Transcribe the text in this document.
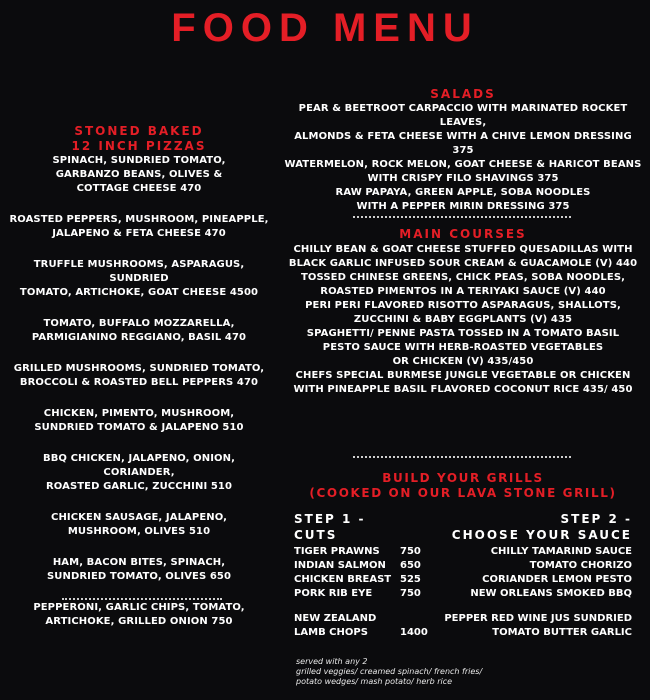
FOOD MENU
STONED BAKED
12 INCH PIZZAS
SPINACH, SUNDRIED TOMATO,
GARBANZO BEANS, OLIVES &
COTTAGE CHEESE 470
ROASTED PEPPERS, MUSHROOM, PINEAPPLE,
JALAPENO & FETA CHEESE 470
TRUFFLE MUSHROOMS, ASPARAGUS, SUNDRIED
TOMATO, ARTICHOKE, GOAT CHEESE 4500
TOMATO, BUFFALO MOZZARELLA,
PARMIGIANINO REGGIANO, BASIL 470
GRILLED MUSHROOMS, SUNDRIED TOMATO,
BROCCOLI & ROASTED BELL PEPPERS 470
CHICKEN, PIMENTO, MUSHROOM,
SUNDRIED TOMATO & JALAPENO 510
BBQ CHICKEN, JALAPENO, ONION, CORIANDER,
ROASTED GARLIC, ZUCCHINI 510
CHICKEN SAUSAGE, JALAPENO,
MUSHROOM, OLIVES 510
HAM, BACON BITES, SPINACH,
SUNDRIED TOMATO, OLIVES 650
PEPPERONI, GARLIC CHIPS, TOMATO,
ARTICHOKE, GRILLED ONION 750
SALADS
PEAR & BEETROOT CARPACCIO WITH MARINATED ROCKET LEAVES,
ALMONDS & FETA CHEESE WITH A CHIVE LEMON DRESSING 375
WATERMELON, ROCK MELON, GOAT CHEESE & HARICOT BEANS
WITH CRISPY FILO SHAVINGS 375
RAW PAPAYA, GREEN APPLE, SOBA NOODLES
WITH A PEPPER MIRIN DRESSING 375
MAIN COURSES
CHILLY BEAN & GOAT CHEESE STUFFED QUESADILLAS WITH
BLACK GARLIC INFUSED SOUR CREAM & GUACAMOLE (V) 440
TOSSED CHINESE GREENS, CHICK PEAS, SOBA NOODLES,
ROASTED PIMENTOS IN A TERIYAKI SAUCE (V) 440
PERI PERI FLAVORED RISOTTO ASPARAGUS, SHALLOTS,
ZUCCHINI & BABY EGGPLANTS (V) 435
SPAGHETTI/ PENNE PASTA TOSSED IN A TOMATO BASIL
PESTO SAUCE WITH HERB-ROASTED VEGETABLES
OR CHICKEN (V) 435/450
CHEFS SPECIAL BURMESE JUNGLE VEGETABLE OR CHICKEN
WITH PINEAPPLE BASIL FLAVORED COCONUT RICE 435/ 450
BUILD YOUR GRILLS
(COOKED ON OUR LAVA STONE GRILL)
STEP 1 -
CUTS
STEP 2 -
CHOOSE YOUR SAUCE
TIGER PRAWNS	750
INDIAN SALMON	650
CHICKEN BREAST 525
PORK RIB EYE	750
NEW ZEALAND
LAMB CHOPS	1400
CHILLY TAMARIND SAUCE
TOMATO CHORIZO
CORIANDER LEMON PESTO
NEW ORLEANS SMOKED BBQ
PEPPER RED WINE JUS SUNDRIED
TOMATO BUTTER GARLIC
served with any 2
grilled veggies/ creamed spinach/ french fries/
potato wedges/ mash potato/ herb rice
